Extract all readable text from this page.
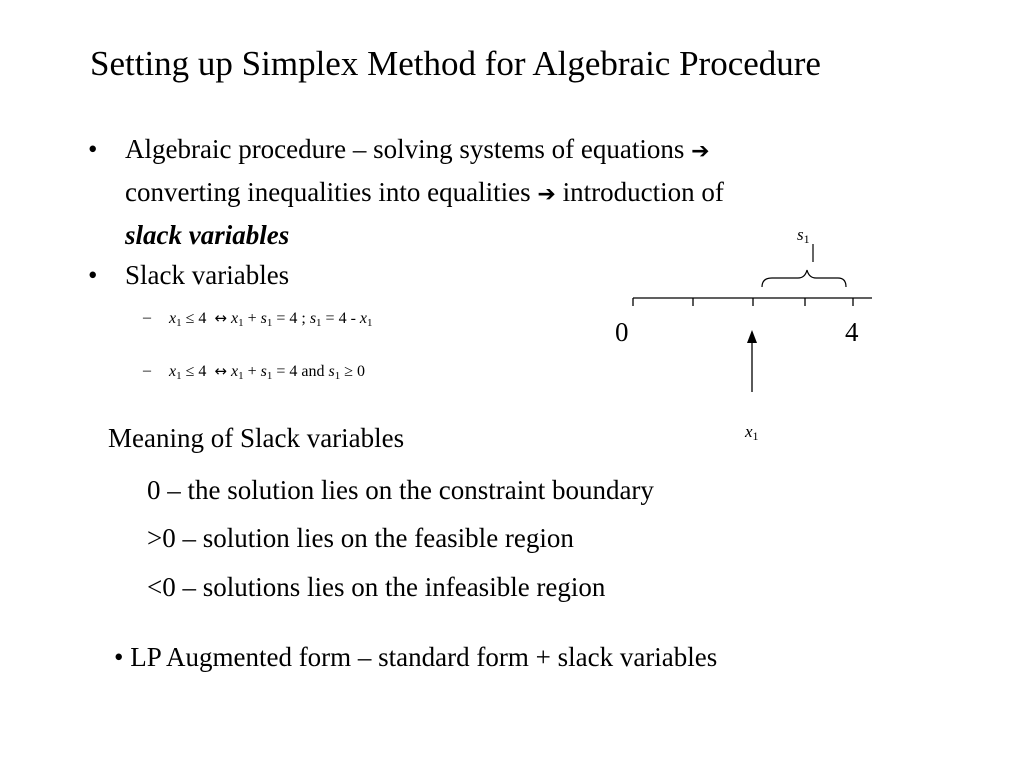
Setting up Simplex Method for Algebraic Procedure
• Algebraic procedure – solving systems of equations ➔
converting inequalities into equalities ➔ introduction of
slack variables
• Slack variables
– $x_1 \le 4$ ↔ $x_1 + s_1 = 4$ ; $s_1 = 4 - x_1$
– $x_1 \le 4$ ↔ $x_1 + s_1 = 4$ and $s_1 \ge 0$
0	4
$s_1$
$x_1$
Meaning of Slack variables
0 – the solution lies on the constraint boundary
>0 – solution lies on the feasible region
<0 – solutions lies on the infeasible region
• LP Augmented form – standard form + slack variables
